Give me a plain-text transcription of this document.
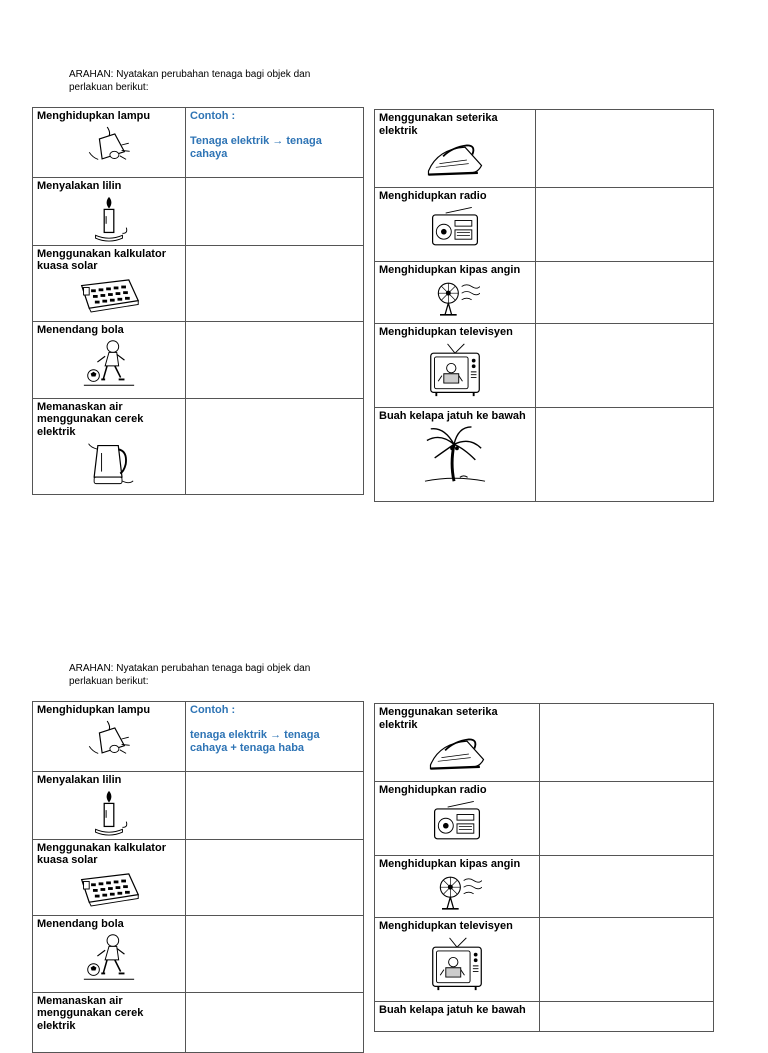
ARAHAN: Nyatakan perubahan tenaga bagi objek dan perlakuan berikut:
Menghidupkan lampu	Contoh :
Tenaga elektrik → tenaga cahaya

Menyalakan lilin	

Menggunakan kalkulator kuasa solar	

Menendang bola	

Memanaskan air menggunakan cerek elektrik	

Menggunakan seterika elektrik	

Menghidupkan radio	

Menghidupkan kipas angin	

Menghidupkan televisyen	

Buah kelapa jatuh ke bawah	

ARAHAN: Nyatakan perubahan tenaga bagi objek dan perlakuan berikut:
Menghidupkan lampu	Contoh :
tenaga elektrik → tenaga cahaya + tenaga haba

Menyalakan lilin	

Menggunakan kalkulator kuasa solar	

Menendang bola	

Memanaskan air menggunakan cerek elektrik	

Menggunakan seterika elektrik	

Menghidupkan radio	

Menghidupkan kipas angin	

Menghidupkan televisyen	

Buah kelapa jatuh ke bawah	
